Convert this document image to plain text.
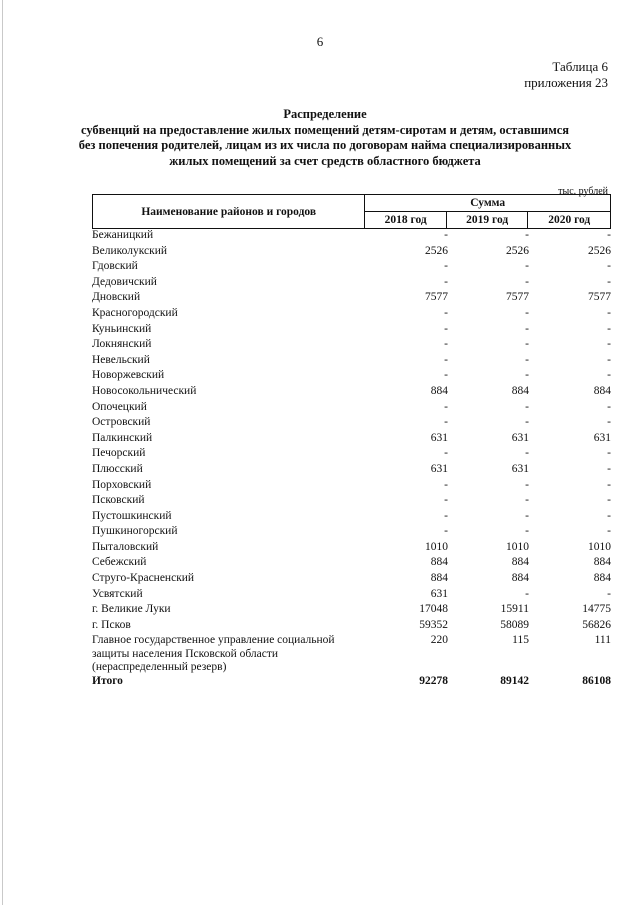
6
Таблица 6
приложения 23
Распределение
субвенций на предоставление жилых помещений детям-сиротам и детям, оставшимся
без попечения родителей, лицам из их числа по договорам найма специализированных
жилых помещений за счет средств областного бюджета
тыс. рублей
Наименование районов и городов	Сумма		
	2018 год	2019 год	2020 год
Бежаницкий	-	-	-
Великолукский	2526	2526	2526
Гдовский	-	-	-
Дедовичский	-	-	-
Дновский	7577	7577	7577
Красногородский	-	-	-
Куньинский	-	-	-
Локнянский	-	-	-
Невельский	-	-	-
Новоржевский	-	-	-
Новосокольнический	884	884	884
Опочецкий	-	-	-
Островский	-	-	-
Палкинский	631	631	631
Печорский	-	-	-
Плюсский	631	631	-
Порховский	-	-	-
Псковский	-	-	-
Пустошкинский	-	-	-
Пушкиногорский	-	-	-
Пыталовский	1010	1010	1010
Себежский	884	884	884
Струго-Красненский	884	884	884
Усвятский	631	-	-
г. Великие Луки	17048	15911	14775
г. Псков	59352	58089	56826

Главное государственное управление социальной
защиты населения Псковской области
(нераспределенный резерв)	220	115	111
Итого	92278	89142	86108
